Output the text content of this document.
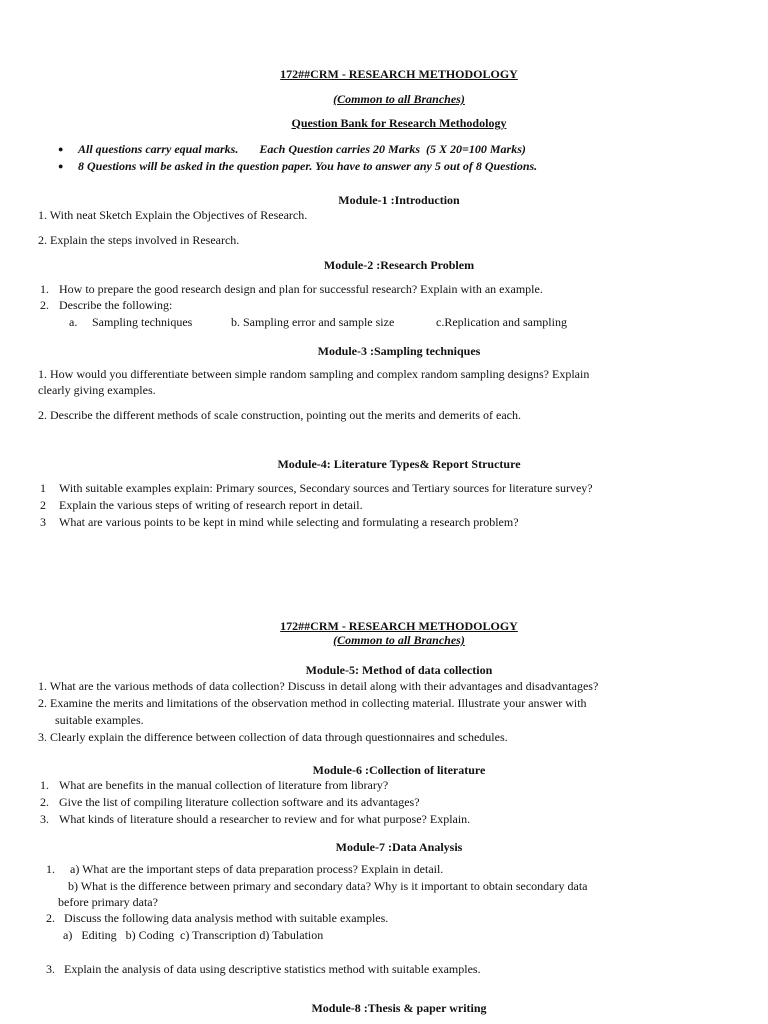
172##CRM - RESEARCH METHODOLOGY
(Common to all Branches)
Question Bank for Research Methodology
● All questions carry equal marks.       Each Question carries 20 Marks  (5 X 20=100 Marks)
● 8 Questions will be asked in the question paper. You have to answer any 5 out of 8 Questions.
Module-1 :Introduction
1. With neat Sketch Explain the Objectives of Research.
2. Explain the steps involved in Research.
Module-2 :Research Problem
1. How to prepare the good research design and plan for successful research? Explain with an example.
2. Describe the following:
a. Sampling techniques	b. Sampling error and sample size	c.Replication and sampling
Module-3 :Sampling techniques
1. How would you differentiate between simple random sampling and complex random sampling designs? Explain
clearly giving examples.
2. Describe the different methods of scale construction, pointing out the merits and demerits of each.
Module-4: Literature Types& Report Structure
1 With suitable examples explain: Primary sources, Secondary sources and Tertiary sources for literature survey?
2 Explain the various steps of writing of research report in detail.
3 What are various points to be kept in mind while selecting and formulating a research problem?
172##CRM - RESEARCH METHODOLOGY
(Common to all Branches)
Module-5: Method of data collection
1. What are the various methods of data collection? Discuss in detail along with their advantages and disadvantages?
2. Examine the merits and limitations of the observation method in collecting material. Illustrate your answer with
suitable examples.
3. Clearly explain the difference between collection of data through questionnaires and schedules.
Module-6 :Collection of literature
1. What are benefits in the manual collection of literature from library?
2. Give the list of compiling literature collection software and its advantages?
3. What kinds of literature should a researcher to review and for what purpose? Explain.
Module-7 :Data Analysis
1. a) What are the important steps of data preparation process? Explain in detail.
b) What is the difference between primary and secondary data? Why is it important to obtain secondary data
before primary data?
2.   Discuss the following data analysis method with suitable examples.
a)   Editing   b) Coding  c) Transcription d) Tabulation
3.   Explain the analysis of data using descriptive statistics method with suitable examples.
Module-8 :Thesis & paper writing
